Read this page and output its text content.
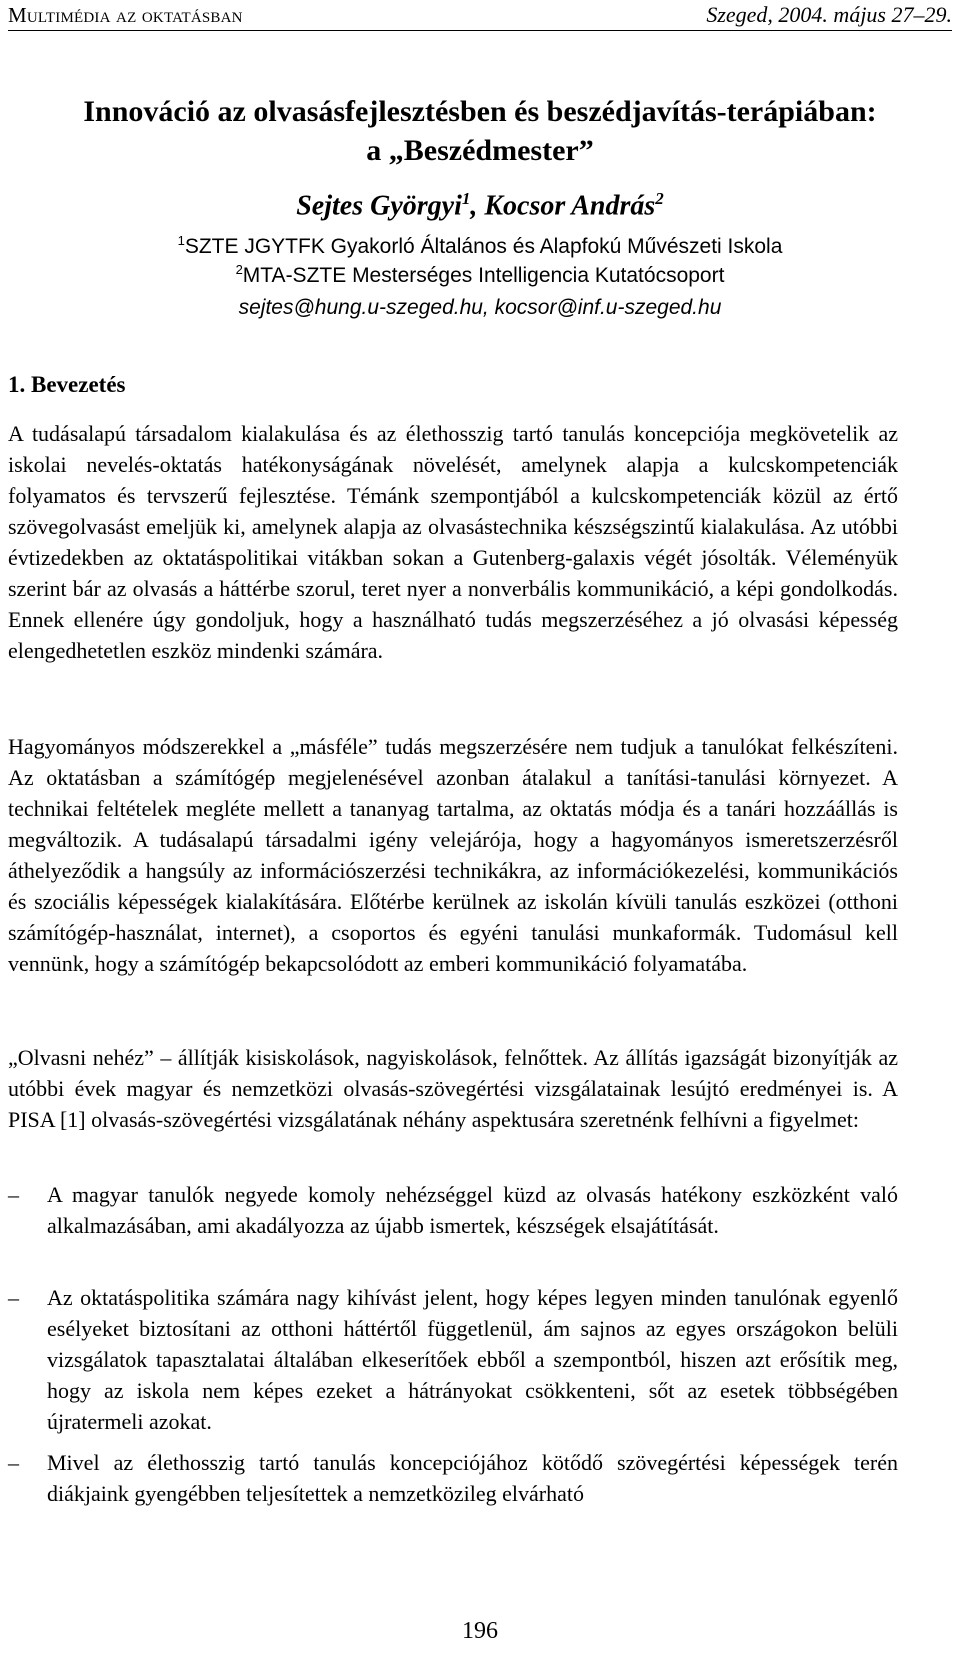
Multimédia az oktatásban	Szeged, 2004. május 27–29.
Innováció az olvasásfejlesztésben és beszédjavítás-terápiában:
a „Beszédmester”
Sejtes Györgyi$^1$, Kocsor András$^2$
$^1$SZTE JGYTFK Gyakorló Általános és Alapfokú Művészeti Iskola
$^2$MTA-SZTE Mesterséges Intelligencia Kutatócsoport
sejtes@hung.u-szeged.hu, kocsor@inf.u-szeged.hu
1. Bevezetés

A tudásalapú társadalom kialakulása és az élethosszig tartó tanulás koncepciója megkövetelik az iskolai nevelés-oktatás hatékonyságának növelését, amelynek alapja a kulcskompetenciák folyamatos és tervszerű fejlesztése. Témánk szempontjából a kulcskompetenciák közül az értő szövegolvasást emeljük ki, amelynek alapja az olvasástechnika készségszintű kialakulása. Az utóbbi évtizedekben az oktatáspolitikai vitákban sokan a Gutenberg-galaxis végét jósolták. Véleményük szerint bár az olvasás a háttérbe szorul, teret nyer a nonverbális kommunikáció, a képi gondolkodás. Ennek ellenére úgy gondoljuk, hogy a használható tudás megszerzéséhez a jó olvasási képesség elengedhetetlen eszköz mindenki számára.

Hagyományos módszerekkel a „másféle” tudás megszerzésére nem tudjuk a tanulókat felkészíteni. Az oktatásban a számítógép megjelenésével azonban átalakul a tanítási-tanulási környezet. A technikai feltételek megléte mellett a tananyag tartalma, az oktatás módja és a tanári hozzáállás is megváltozik. A tudásalapú társadalmi igény velejárója, hogy a hagyományos ismeretszerzésről áthelyeződik a hangsúly az információszerzési technikákra, az információkezelési, kommunikációs és szociális képességek kialakítására. Előtérbe kerülnek az iskolán kívüli tanulás eszközei (otthoni számítógép-használat, internet), a csoportos és egyéni tanulási munkaformák. Tudomásul kell vennünk, hogy a számítógép bekapcsolódott az emberi kommunikáció folyamatába.

„Olvasni nehéz” – állítják kisiskolások, nagyiskolások, felnőttek. Az állítás igazságát bizonyítják az utóbbi évek magyar és nemzetközi olvasás-szövegértési vizsgálatainak lesújtó eredményei is. A PISA [1] olvasás-szövegértési vizsgálatának néhány aspektusára szeretnénk felhívni a figyelmet:

– A magyar tanulók negyede komoly nehézséggel küzd az olvasás hatékony eszközként való alkalmazásában, ami akadályozza az újabb ismertek, készségek elsajátítását.
– Az oktatáspolitika számára nagy kihívást jelent, hogy képes legyen minden tanulónak egyenlő esélyeket biztosítani az otthoni háttértől függetlenül, ám sajnos az egyes országokon belüli vizsgálatok tapasztalatai általában elkeserítőek ebből a szempontból, hiszen azt erősítik meg, hogy az iskola nem képes ezeket a hátrányokat csökkenteni, sőt az esetek többségében újratermeli azokat.
– Mivel az élethosszig tartó tanulás koncepciójához kötődő szövegértési képességek terén diákjaink gyengébben teljesítettek a nemzetközileg elvárható
196
